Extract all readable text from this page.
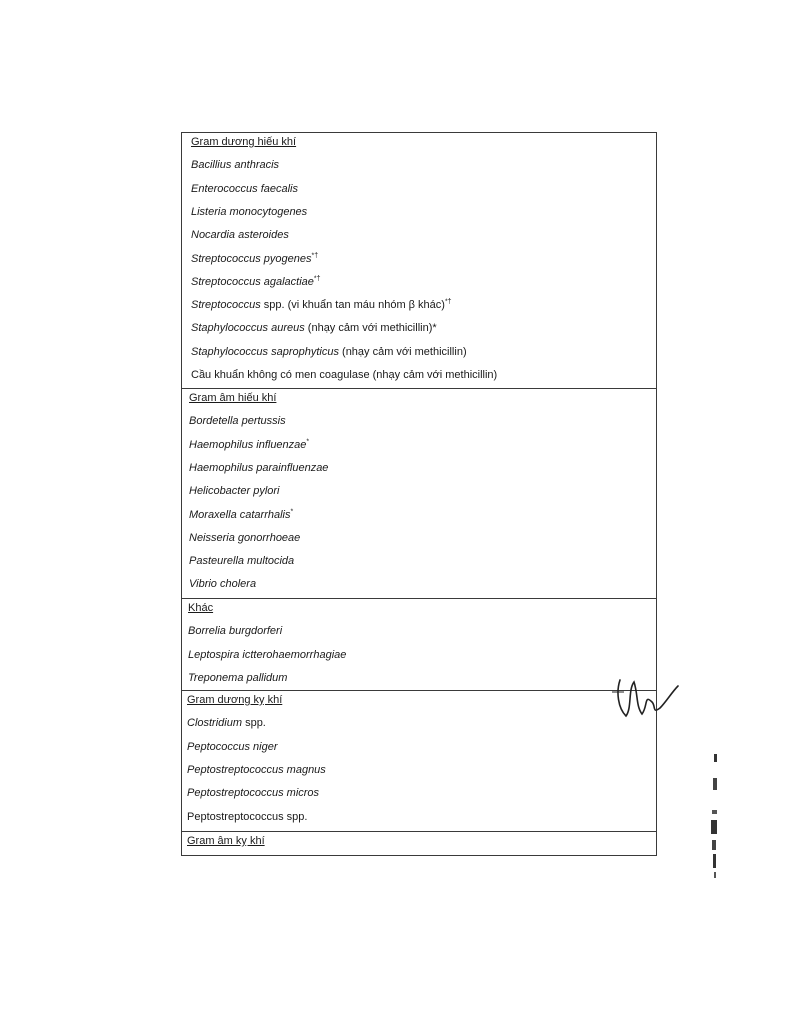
Gram dương hiếu khí
Bacillius anthracis
Enterococcus faecalis
Listeria monocytogenes
Nocardia asteroides
Streptococcus pyogenes*†
Streptococcus agalactiae*†
Streptococcus spp. (vi khuẩn tan máu nhóm β khác)*†
Staphylococcus aureus (nhạy cảm với methicillin)*
Staphylococcus saprophyticus (nhạy cảm với methicillin)
Cầu khuẩn không có men coagulase (nhạy cảm với methicillin)
Gram âm hiếu khí
Bordetella pertussis
Haemophilus influenzae*
Haemophilus parainfluenzae
Helicobacter pylori
Moraxella catarrhalis*
Neisseria gonorrhoeae
Pasteurella multocida
Vibrio cholera
Khác
Borrelia burgdorferi
Leptospira ictterohaemorrhagiae
Treponema pallidum
Gram dương kỵ khí
Clostridium spp.
Peptococcus niger
Peptostreptococcus magnus
Peptostreptococcus micros
Peptostreptococcus spp.
Gram âm kỵ khí
